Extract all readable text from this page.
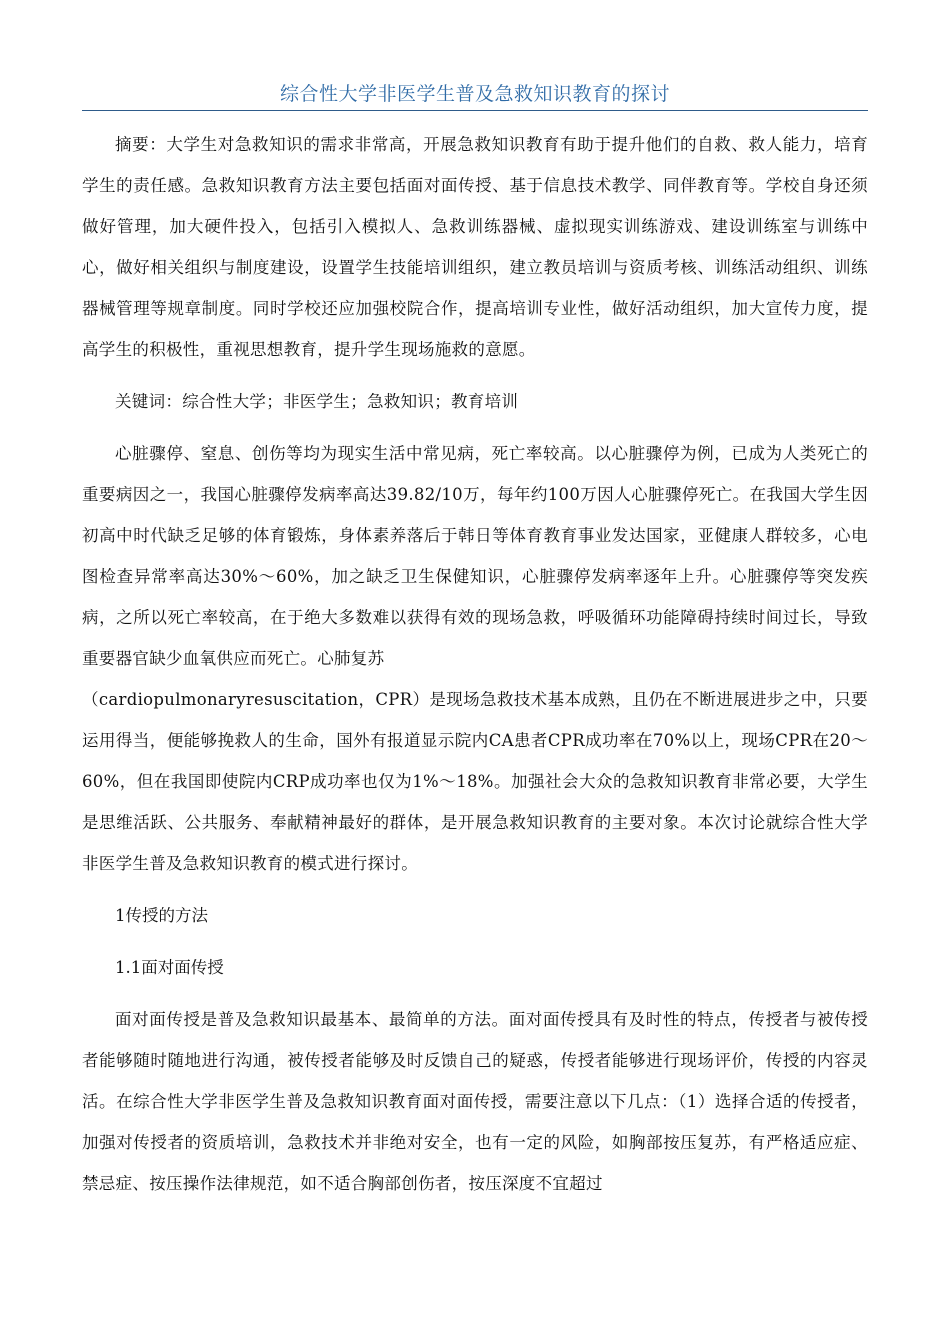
综合性大学非医学生普及急救知识教育的探讨

摘要：大学生对急救知识的需求非常高，开展急救知识教育有助于提升他们的自救、救人能力，培育学生的责任感。急救知识教育方法主要包括面对面传授、基于信息技术教学、同伴教育等。学校自身还须做好管理，加大硬件投入，包括引入模拟人、急救训练器械、虚拟现实训练游戏、建设训练室与训练中心，做好相关组织与制度建设，设置学生技能培训组织，建立教员培训与资质考核、训练活动组织、训练器械管理等规章制度。同时学校还应加强校院合作，提高培训专业性，做好活动组织，加大宣传力度，提高学生的积极性，重视思想教育，提升学生现场施救的意愿。

关键词：综合性大学；非医学生；急救知识；教育培训

心脏骤停、窒息、创伤等均为现实生活中常见病，死亡率较高。以心脏骤停为例，已成为人类死亡的重要病因之一，我国心脏骤停发病率高达39.82/10万，每年约100万因人心脏骤停死亡。在我国大学生因初高中时代缺乏足够的体育锻炼，身体素养落后于韩日等体育教育事业发达国家，亚健康人群较多，心电图检查异常率高达30%～60%，加之缺乏卫生保健知识，心脏骤停发病率逐年上升。心脏骤停等突发疾病，之所以死亡率较高，在于绝大多数难以获得有效的现场急救，呼吸循环功能障碍持续时间过长，导致重要器官缺少血氧供应而死亡。心肺复苏

（cardiopulmonaryresuscitation，CPR）是现场急救技术基本成熟，且仍在不断进展进步之中，只要运用得当，便能够挽救人的生命，国外有报道显示院内CA患者CPR成功率在70%以上，现场CPR在20～60%，但在我国即使院内CRP成功率也仅为1%～18%。加强社会大众的急救知识教育非常必要，大学生是思维活跃、公共服务、奉献精神最好的群体，是开展急救知识教育的主要对象。本次讨论就综合性大学非医学生普及急救知识教育的模式进行探讨。

1传授的方法

1.1面对面传授

面对面传授是普及急救知识最基本、最简单的方法。面对面传授具有及时性的特点，传授者与被传授者能够随时随地进行沟通，被传授者能够及时反馈自己的疑惑，传授者能够进行现场评价，传授的内容灵活。在综合性大学非医学生普及急救知识教育面对面传授，需要注意以下几点：（1）选择合适的传授者，加强对传授者的资质培训，急救技术并非绝对安全，也有一定的风险，如胸部按压复苏，有严格适应症、禁忌症、按压操作法律规范，如不适合胸部创伤者，按压深度不宜超过
